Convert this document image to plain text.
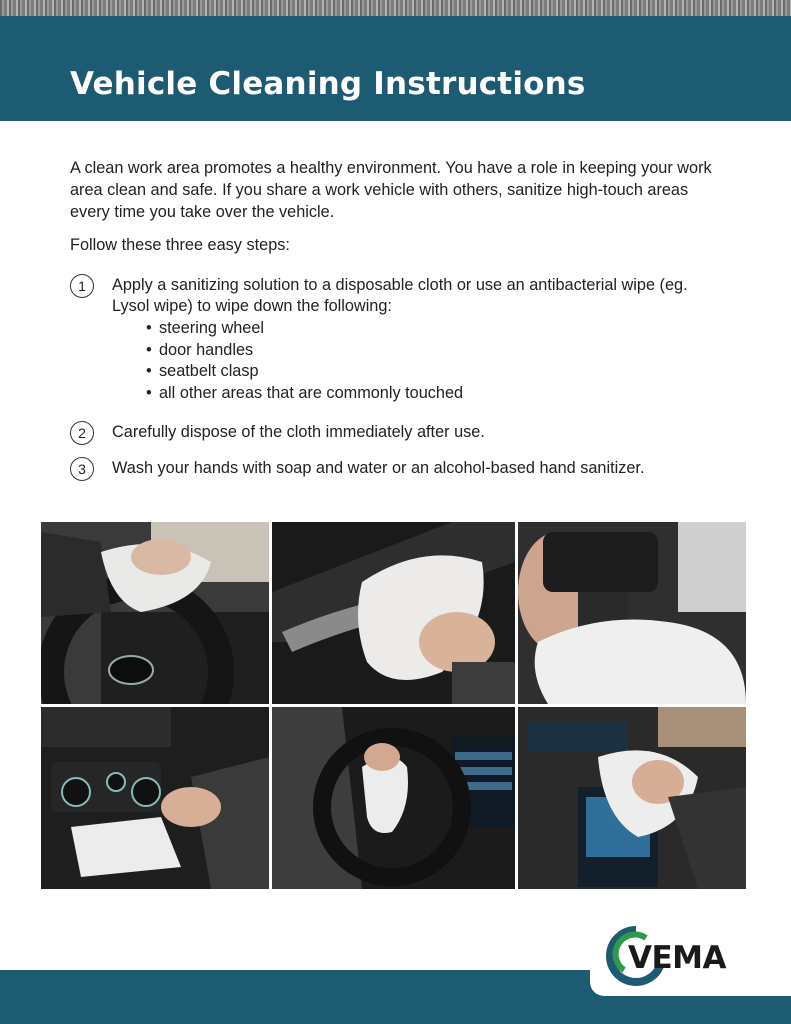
Vehicle Cleaning Instructions

A clean work area promotes a healthy environment. You have a role in keeping your work area clean and safe. If you share a work vehicle with others, sanitize high-touch areas every time you take over the vehicle.

Follow these three easy steps:

1	Apply a sanitizing solution to a disposable cloth or use an antibacterial wipe (eg. Lysol wipe) to wipe down the following:

• steering wheel
• door handles
• seatbelt clasp
• all other areas that are commonly touched
2	Carefully dispose of the cloth immediately after use.

3	Wash your hands with soap and water or an alcohol-based hand sanitizer.

VEMA
